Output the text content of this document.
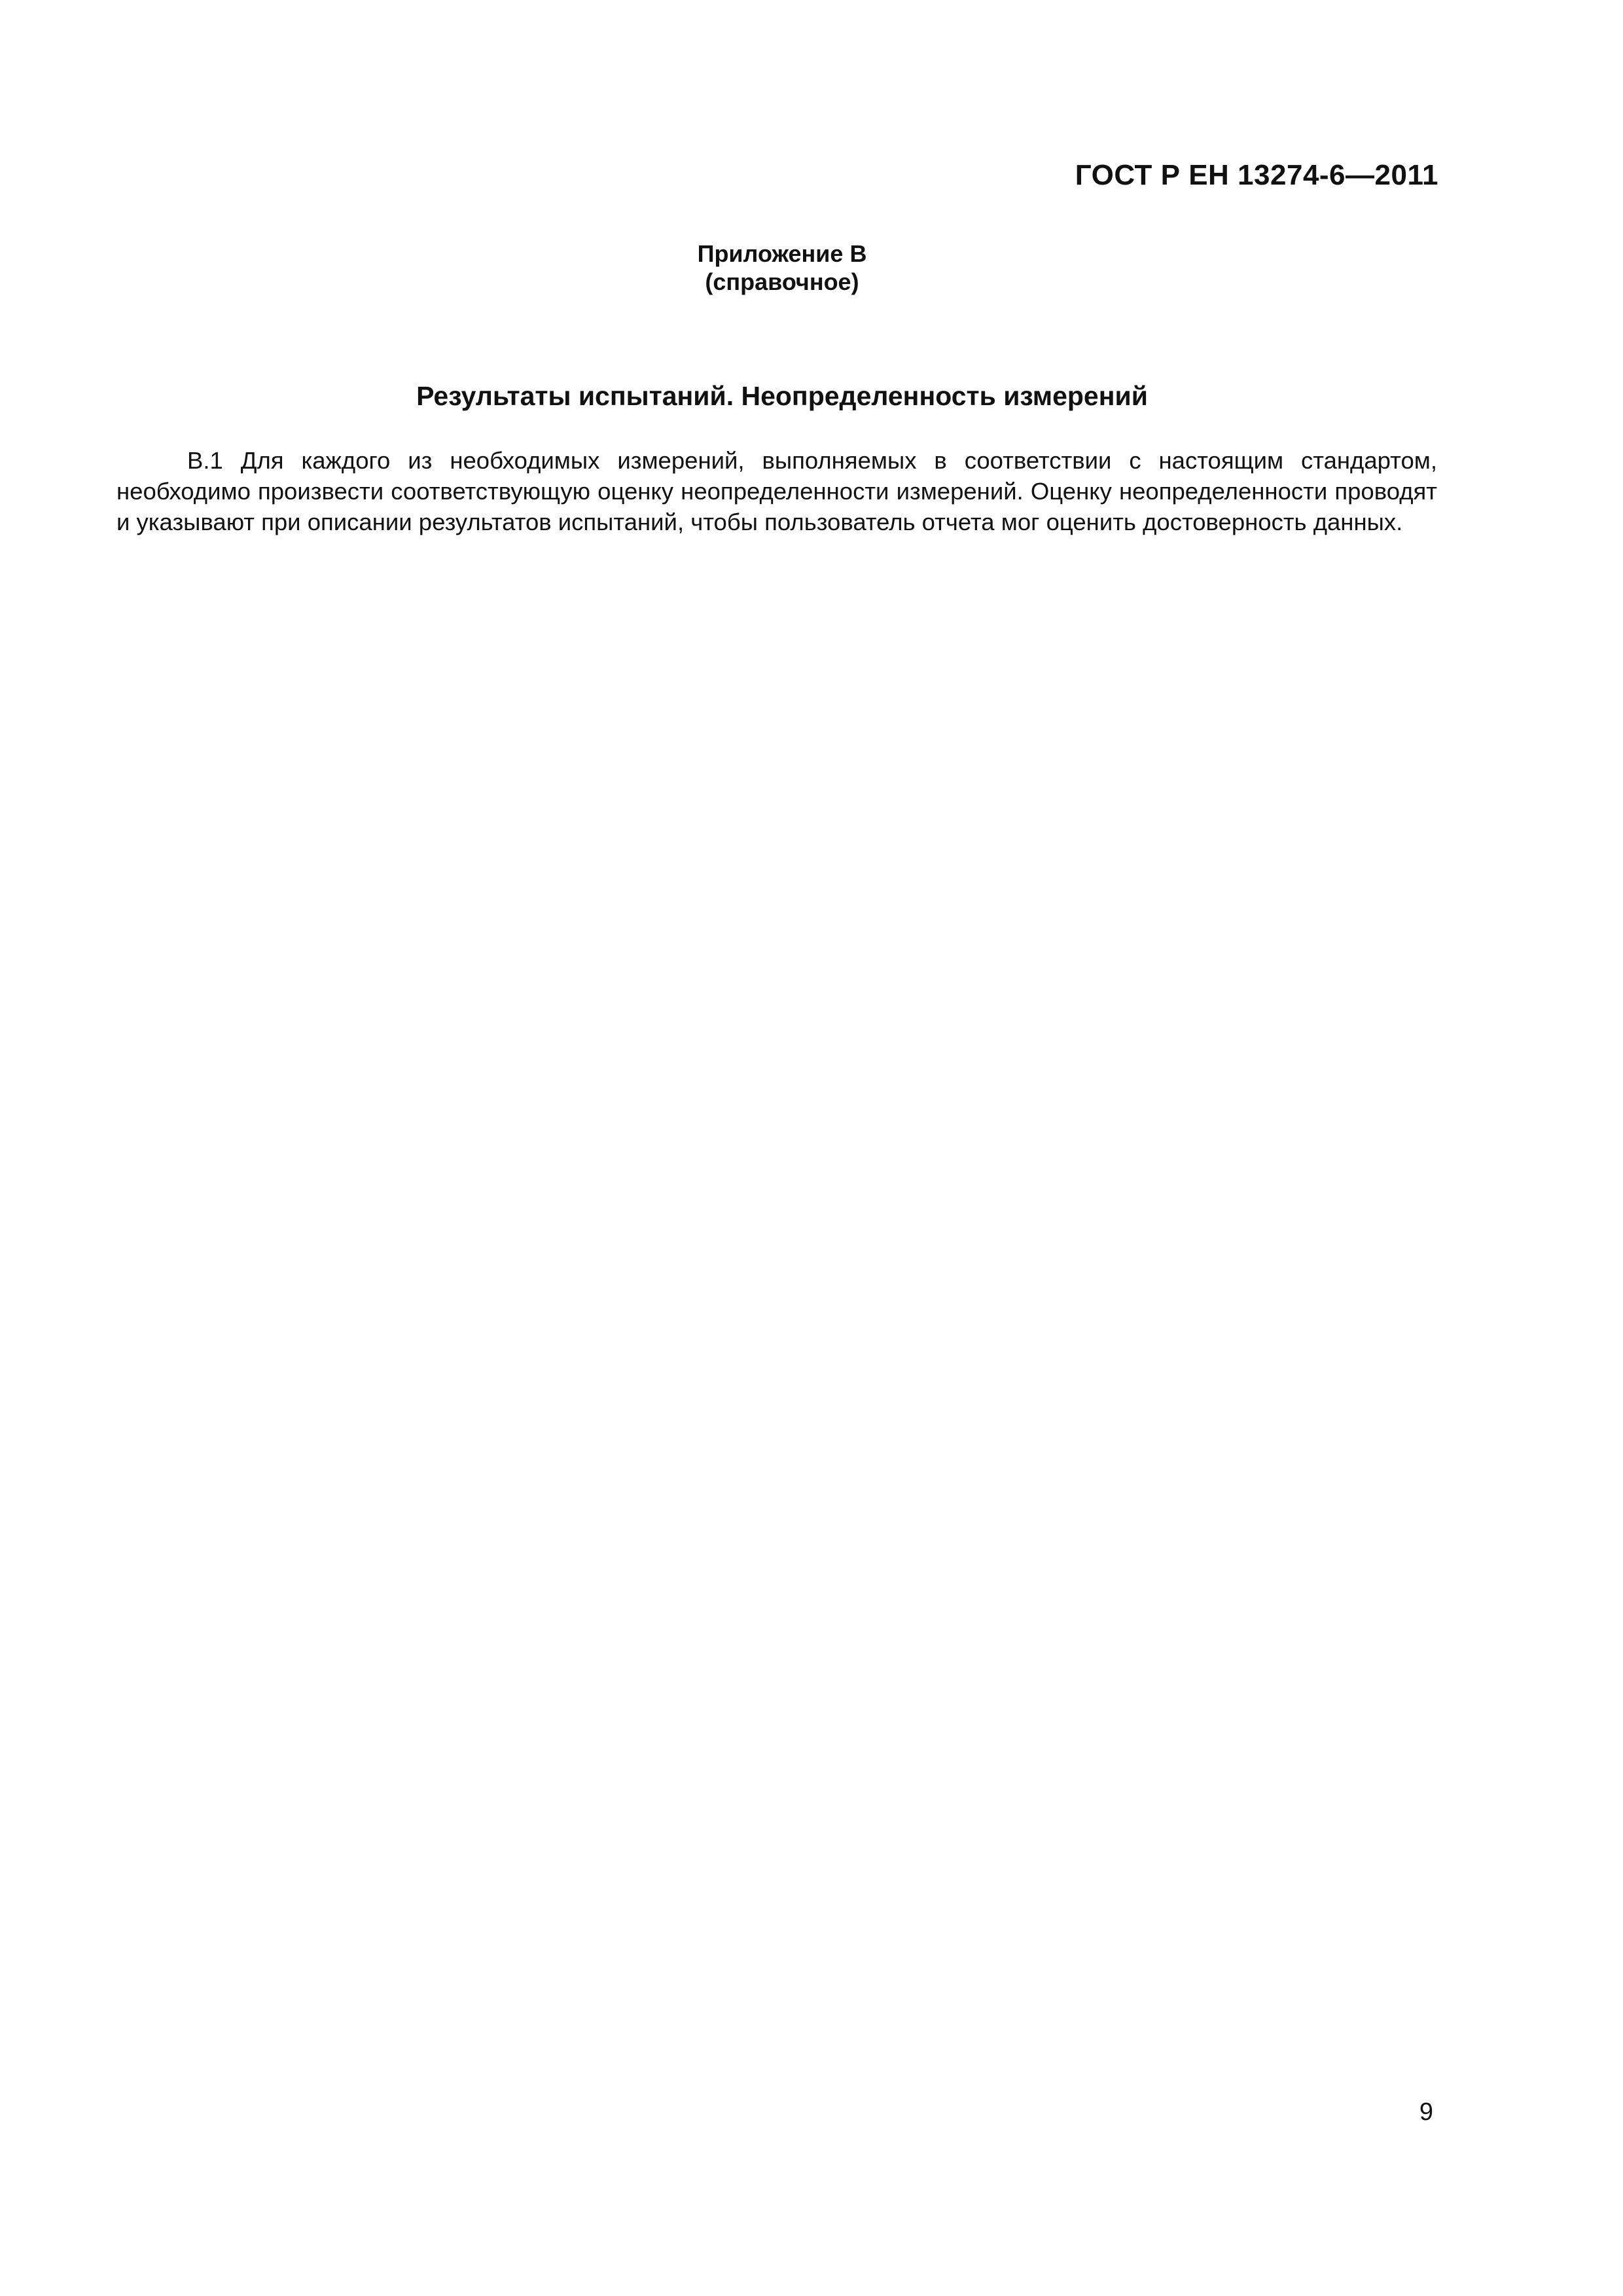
ГОСТ Р ЕН 13274-6—2011
Приложение В
(справочное)
Результаты испытаний. Неопределенность измерений

В.1 Для каждого из необходимых измерений, выполняемых в соответствии с настоящим стандартом, необходимо произвести соответствующую оценку неопределенности измерений. Оценку неопределенности проводят и указывают при описании результатов испытаний, чтобы пользователь отчета мог оценить достоверность данных.

9
